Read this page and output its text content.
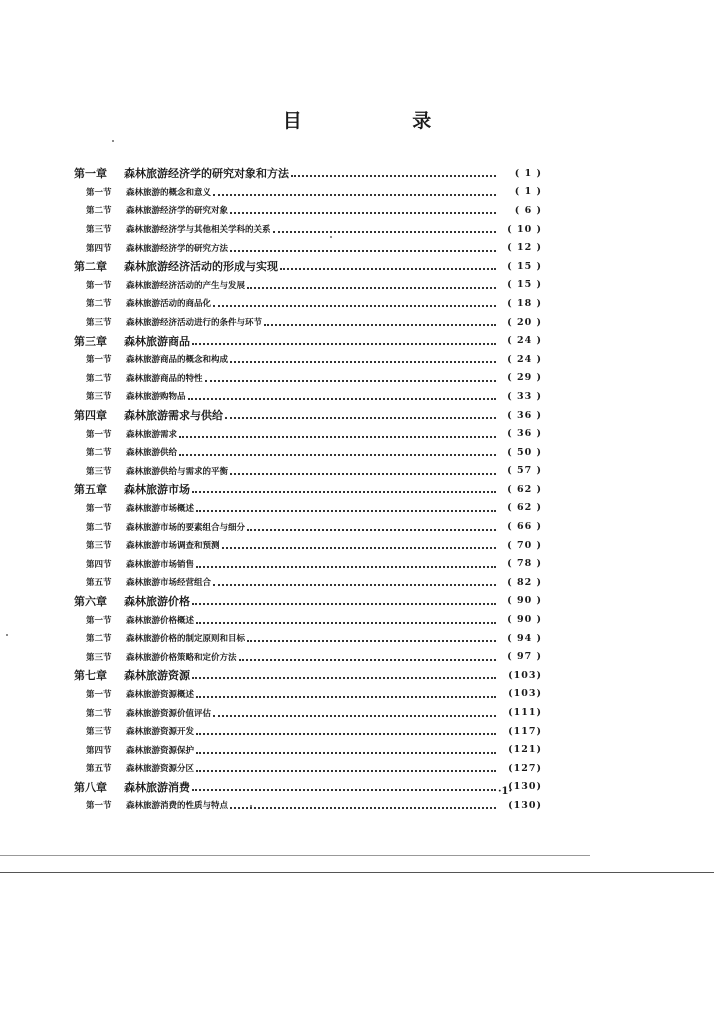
目 录
第一章	森林旅游经济学的研究对象和方法	( 1 )
第一节	森林旅游的概念和意义	( 1 )
第二节	森林旅游经济学的研究对象	( 6 )
第三节	森林旅游经济学与其他相关学科的关系	( 10 )
第四节	森林旅游经济学的研究方法	( 12 )
第二章	森林旅游经济活动的形成与实现	( 15 )
第一节	森林旅游经济活动的产生与发展	( 15 )
第二节	森林旅游活动的商品化	( 18 )
第三节	森林旅游经济活动进行的条件与环节	( 20 )
第三章	森林旅游商品	( 24 )
第一节	森林旅游商品的概念和构成	( 24 )
第二节	森林旅游商品的特性	( 29 )
第三节	森林旅游购物品	( 33 )
第四章	森林旅游需求与供给	( 36 )
第一节	森林旅游需求	( 36 )
第二节	森林旅游供给	( 50 )
第三节	森林旅游供给与需求的平衡	( 57 )
第五章	森林旅游市场	( 62 )
第一节	森林旅游市场概述	( 62 )
第二节	森林旅游市场的要素组合与细分	( 66 )
第三节	森林旅游市场调查和预测	( 70 )
第四节	森林旅游市场销售	( 78 )
第五节	森林旅游市场经营组合	( 82 )
第六章	森林旅游价格	( 90 )
第一节	森林旅游价格概述	( 90 )
第二节	森林旅游价格的制定原则和目标	( 94 )
第三节	森林旅游价格策略和定价方法	( 97 )
第七章	森林旅游资源	(103)
第一节	森林旅游资源概述	(103)
第二节	森林旅游资源价值评估	(111)
第三节	森林旅游资源开发	(117)
第四节	森林旅游资源保护	(121)
第五节	森林旅游资源分区	(127)
第八章	森林旅游消费	(130)
第一节	森林旅游消费的性质与特点	(130)
·1·
